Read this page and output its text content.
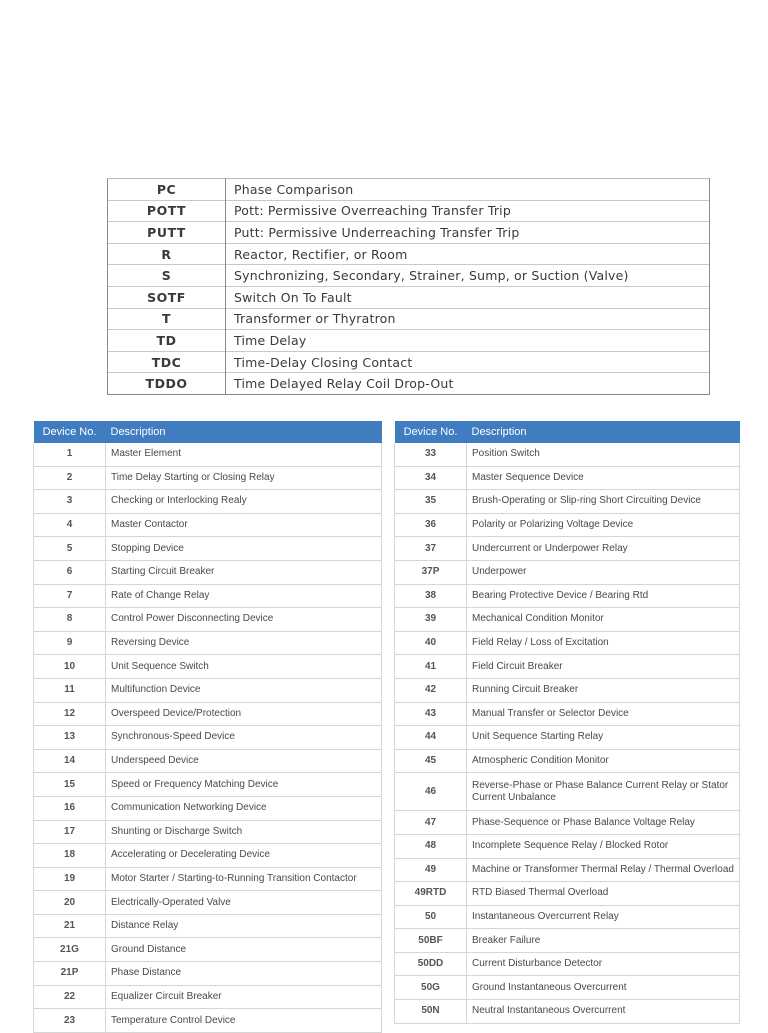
PC	Phase Comparison
POTT	Pott: Permissive Overreaching Transfer Trip
PUTT	Putt: Permissive Underreaching Transfer Trip
R	Reactor, Rectifier, or Room
S	Synchronizing, Secondary, Strainer, Sump, or Suction (Valve)
SOTF	Switch On To Fault
T	Transformer or Thyratron
TD	Time Delay
TDC	Time-Delay Closing Contact
TDDO	Time Delayed Relay Coil Drop-Out
Device No.	Description
1	Master Element
2	Time Delay Starting or Closing Relay
3	Checking or Interlocking Realy
4	Master Contactor
5	Stopping Device
6	Starting Circuit Breaker
7	Rate of Change Relay
8	Control Power Disconnecting Device
9	Reversing Device
10	Unit Sequence Switch
11	Multifunction Device
12	Overspeed Device/Protection
13	Synchronous-Speed Device
14	Underspeed Device
15	Speed or Frequency Matching Device
16	Communication Networking Device
17	Shunting or Discharge Switch
18	Accelerating or Decelerating Device
19	Motor Starter / Starting-to-Running Transition Contactor
20	Electrically-Operated Valve
21	Distance Relay
21G	Ground Distance
21P	Phase Distance
22	Equalizer Circuit Breaker
23	Temperature Control Device
Device No.	Description
33	Position Switch
34	Master Sequence Device
35	Brush-Operating or Slip-ring Short Circuiting Device
36	Polarity or Polarizing Voltage Device
37	Undercurrent or Underpower Relay
37P	Underpower
38	Bearing Protective Device / Bearing Rtd
39	Mechanical Condition Monitor
40	Field Relay / Loss of Excitation
41	Field Circuit Breaker
42	Running Circuit Breaker
43	Manual Transfer or Selector Device
44	Unit Sequence Starting Relay
45	Atmospheric Condition Monitor
46	Reverse-Phase or Phase Balance Current Relay or Stator Current Unbalance
47	Phase-Sequence or Phase Balance Voltage Relay
48	Incomplete Sequence Relay / Blocked Rotor
49	Machine or Transformer Thermal Relay / Thermal Overload
49RTD	RTD Biased Thermal Overload
50	Instantaneous Overcurrent Relay
50BF	Breaker Failure
50DD	Current Disturbance Detector
50G	Ground Instantaneous Overcurrent
50N	Neutral Instantaneous Overcurrent
